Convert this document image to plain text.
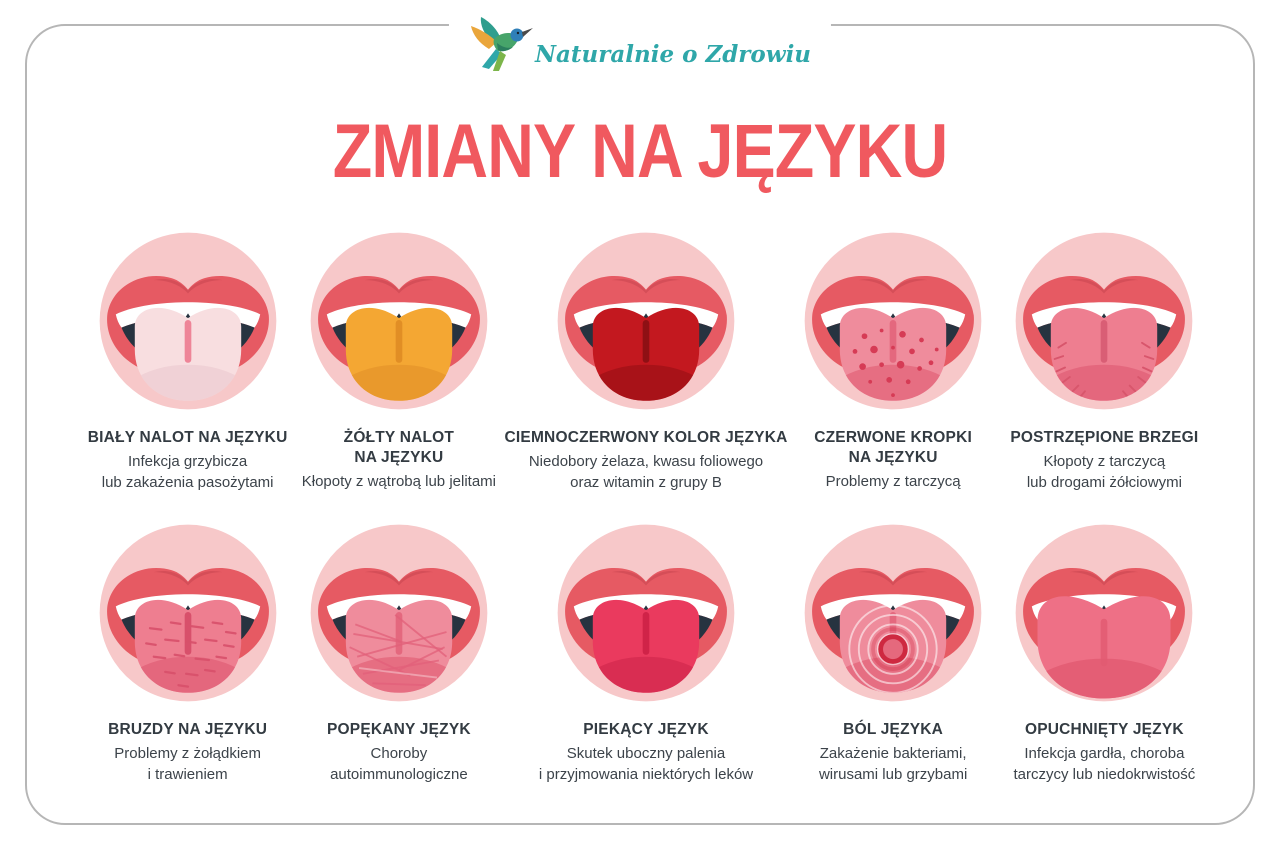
Naturalnie o Zdrowiu
ZMIANY NA JĘZYKU
BIAŁY NALOT NA JĘZYKU
Infekcja grzybicza
lub zakażenia pasożytami
ŻÓŁTY NALOT
NA JĘZYKU
Kłopoty z wątrobą lub jelitami
CIEMNOCZERWONY KOLOR JĘZYKA
Niedobory żelaza, kwasu foliowego
oraz witamin z grupy B
CZERWONE KROPKI
NA JĘZYKU
Problemy z tarczycą
POSTRZĘPIONE BRZEGI
Kłopoty z tarczycą
lub drogami żółciowymi
BRUZDY NA JĘZYKU
Problemy z żołądkiem
i trawieniem
POPĘKANY JĘZYK
Choroby
autoimmunologiczne
PIEKĄCY JĘZYK
Skutek uboczny palenia
i przyjmowania niektórych leków
BÓL JĘZYKA
Zakażenie bakteriami,
wirusami lub grzybami
OPUCHNIĘTY JĘZYK
Infekcja gardła, choroba
tarczycy lub niedokrwistość
